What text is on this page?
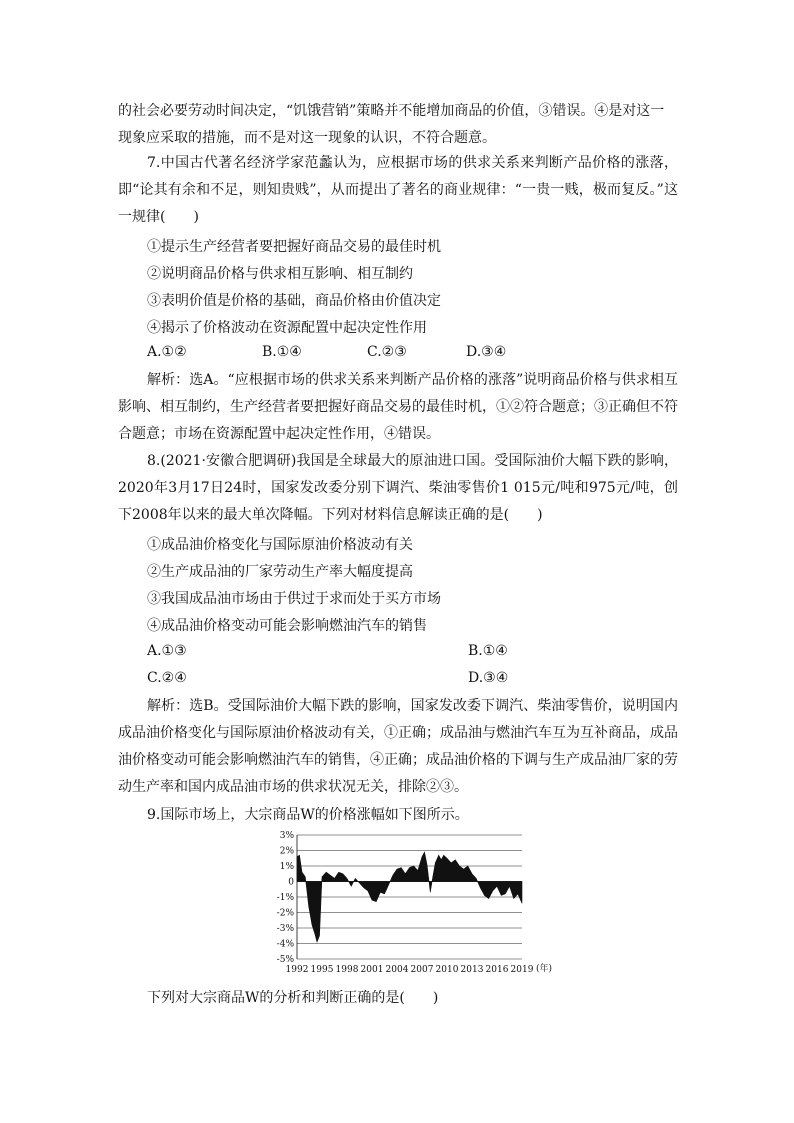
的社会必要劳动时间决定，“饥饿营销”策略并不能增加商品的价值，③错误。④是对这一
现象应采取的措施，而不是对这一现象的认识，不符合题意。
7.中国古代著名经济学家范蠡认为，应根据市场的供求关系来判断产品价格的涨落，即“论其有余和不足，则知贵贱”，从而提出了著名的商业规律：“一贵一贱，极而复反。”这一规律(　　)
①提示生产经营者要把握好商品交易的最佳时机
②说明商品价格与供求相互影响、相互制约
③表明价值是价格的基础，商品价格由价值决定
④揭示了价格波动在资源配置中起决定性作用
A.①②	B.①④	C.②③	D.③④
解析：选A。“应根据市场的供求关系来判断产品价格的涨落”说明商品价格与供求相互影响、相互制约，生产经营者要把握好商品交易的最佳时机，①②符合题意；③正确但不符合题意；市场在资源配置中起决定性作用，④错误。
8.(2021·安徽合肥调研)我国是全球最大的原油进口国。受国际油价大幅下跌的影响，2020年3月17日24时，国家发改委分别下调汽、柴油零售价1 015元/吨和975元/吨，创下2008年以来的最大单次降幅。下列对材料信息解读正确的是(　　)
①成品油价格变化与国际原油价格波动有关
②生产成品油的厂家劳动生产率大幅度提高
③我国成品油市场由于供过于求而处于买方市场
④成品油价格变动可能会影响燃油汽车的销售
A.①③	B.①④
C.②④	D.③④
解析：选B。受国际油价大幅下跌的影响，国家发改委下调汽、柴油零售价，说明国内成品油价格变化与国际原油价格波动有关，①正确；成品油与燃油汽车互为互补商品，成品油价格变动可能会影响燃油汽车的销售，④正确；成品油价格的下调与生产成品油厂家的劳动生产率和国内成品油市场的供求状况无关，排除②③。
9.国际市场上，大宗商品W的价格涨幅如下图所示。
3%
2%
1%
0
-1%
-2%
-3%
-4%
-5%
1992 1995 1998 2001 2004 2007 2010 2013 2016 2019 (年)
下列对大宗商品W的分析和判断正确的是(　　)
